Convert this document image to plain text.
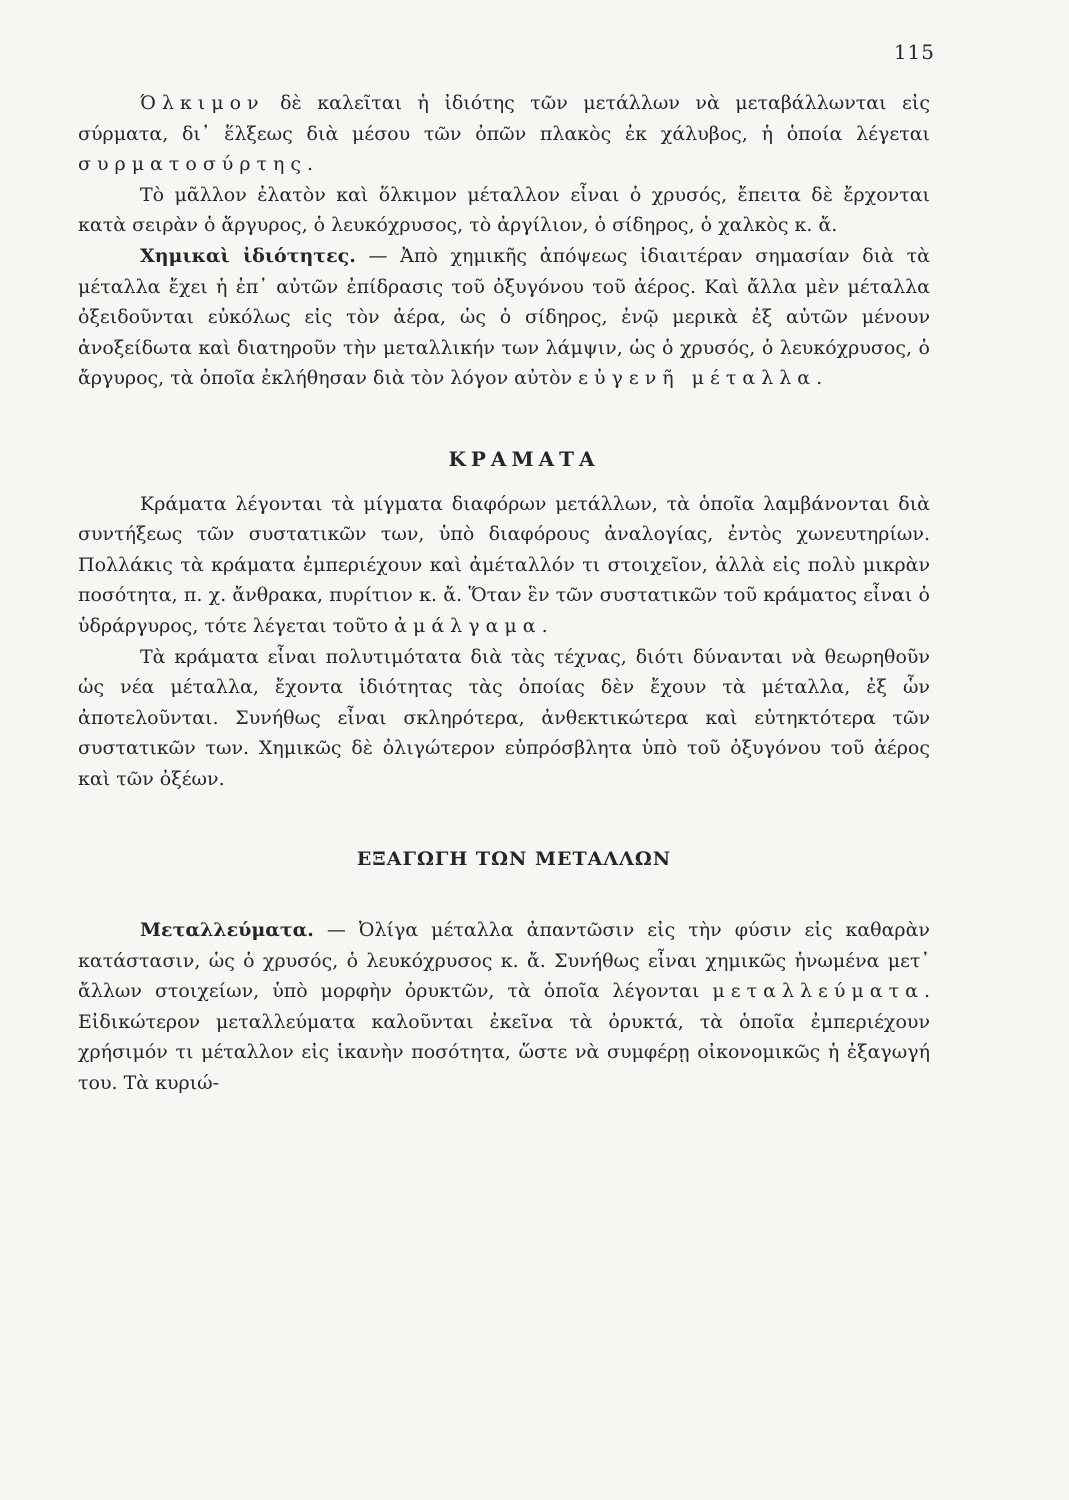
115

Όλκιμον δὲ καλεῖται ἡ ἰδιότης τῶν μετάλλων νὰ μεταβάλλωνται εἰς σύρματα, δι᾿ ἕλξεως διὰ μέσου τῶν ὀπῶν πλακὸς ἐκ χάλυβος, ἡ ὁποία λέγεται συρματοσύρτης.

Τὸ μᾶλλον ἐλατὸν καὶ ὅλκιμον μέταλλον εἶναι ὁ χρυσός, ἔπειτα δὲ ἔρχονται κατὰ σειρὰν ὁ ἄργυρος, ὁ λευκόχρυσος, τὸ ἀργίλιον, ὁ σίδηρος, ὁ χαλκὸς κ. ἄ.

Χημικαὶ ἰδιότητες. — Ἀπὸ χημικῆς ἀπόψεως ἰδιαιτέραν σημασίαν διὰ τὰ μέταλλα ἔχει ἡ ἐπ᾿ αὐτῶν ἐπίδρασις τοῦ ὀξυγόνου τοῦ ἀέρος. Καὶ ἄλλα μὲν μέταλλα ὀξειδοῦνται εὐκόλως εἰς τὸν ἀέρα, ὡς ὁ σίδηρος, ἐνῷ μερικὰ ἐξ αὐτῶν μένουν ἀνοξείδωτα καὶ διατηροῦν τὴν μεταλλικήν των λάμψιν, ὡς ὁ χρυσός, ὁ λευκόχρυσος, ὁ ἄργυρος, τὰ ὁποῖα ἐκλήθησαν διὰ τὸν λόγον αὐτὸν εὐγενῆ μέταλλα.

ΚΡΑΜΑΤΑ

Κράματα λέγονται τὰ μίγματα διαφόρων μετάλλων, τὰ ὁποῖα λαμβάνονται διὰ συντήξεως τῶν συστατικῶν των, ὑπὸ διαφόρους ἀναλογίας, ἐντὸς χωνευτηρίων. Πολλάκις τὰ κράματα ἐμπεριέχουν καὶ ἀμέταλλόν τι στοιχεῖον, ἀλλὰ εἰς πολὺ μικρὰν ποσότητα, π. χ. ἄνθρακα, πυρίτιον κ. ἄ. Ὅταν ἓν τῶν συστατικῶν τοῦ κράματος εἶναι ὁ ὑδράργυρος, τότε λέγεται τοῦτο ἀμάλγαμα.

Τὰ κράματα εἶναι πολυτιμότατα διὰ τὰς τέχνας, διότι δύνανται νὰ θεωρηθοῦν ὡς νέα μέταλλα, ἔχοντα ἰδιότητας τὰς ὁποίας δὲν ἔχουν τὰ μέταλλα, ἐξ ὧν ἀποτελοῦνται. Συνήθως εἶναι σκληρότερα, ἀνθεκτικώτερα καὶ εὐτηκτότερα τῶν συστατικῶν των. Χημικῶς δὲ ὀλιγώτερον εὐπρόσβλητα ὑπὸ τοῦ ὀξυγόνου τοῦ ἀέρος καὶ τῶν ὀξέων.

ΕΞΑΓΩΓΗ ΤΩΝ ΜΕΤΑΛΛΩΝ

Μεταλλεύματα. — Ὀλίγα μέταλλα ἀπαντῶσιν εἰς τὴν φύσιν εἰς καθαρὰν κατάστασιν, ὡς ὁ χρυσός, ὁ λευκόχρυσος κ. ἄ. Συνήθως εἶναι χημικῶς ἡνωμένα μετ᾿ ἄλλων στοιχείων, ὑπὸ μορφὴν ὀρυκτῶν, τὰ ὁποῖα λέγονται μεταλλεύματα. Εἰδικώτερον μεταλλεύματα καλοῦνται ἐκεῖνα τὰ ὀρυκτά, τὰ ὁποῖα ἐμπεριέχουν χρήσιμόν τι μέταλλον εἰς ἱκανὴν ποσότητα, ὥστε νὰ συμφέρῃ οἰκονομικῶς ἡ ἐξαγωγή του. Τὰ κυριώ-
